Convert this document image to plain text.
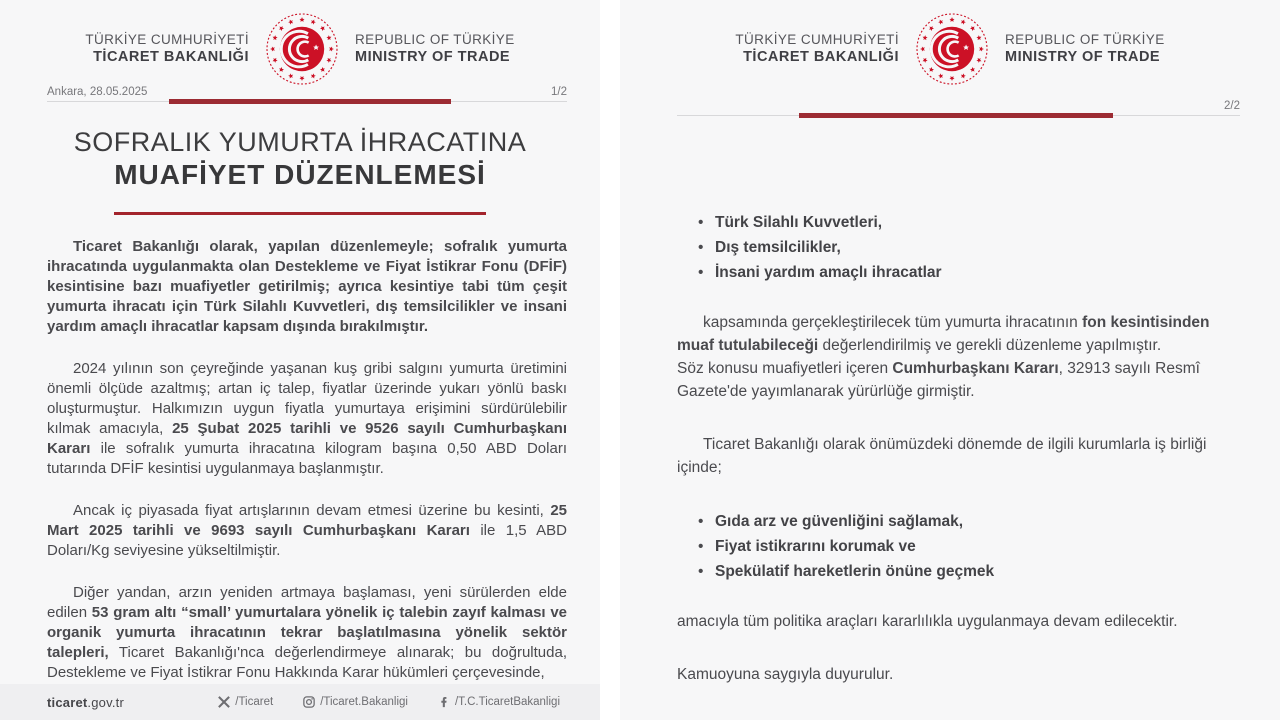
TÜRKİYE CUMHURİYETİ
TİCARET BAKANLIĞI
REPUBLIC OF TÜRKİYE
MINISTRY OF TRADE
Ankara, 28.05.2025	1/2
SOFRALIK YUMURTA İHRACATINA
MUAFİYET DÜZENLEMESİ

Ticaret Bakanlığı olarak, yapılan düzenlemeyle; sofralık yumurta ihracatında uygulanmakta olan Destekleme ve Fiyat İstikrar Fonu (DFİF) kesintisine bazı muafiyetler getirilmiş; ayrıca kesintiye tabi tüm çeşit yumurta ihracatı için Türk Silahlı Kuvvetleri, dış temsilcilikler ve insani yardım amaçlı ihracatlar kapsam dışında bırakılmıştır.

2024 yılının son çeyreğinde yaşanan kuş gribi salgını yumurta üretimini önemli ölçüde azaltmış; artan iç talep, fiyatlar üzerinde yukarı yönlü baskı oluşturmuştur. Halkımızın uygun fiyatla yumurtaya erişimini sürdürülebilir kılmak amacıyla, 25 Şubat 2025 tarihli ve 9526 sayılı Cumhurbaşkanı Kararı ile sofralık yumurta ihracatına kilogram başına 0,50 ABD Doları tutarında DFİF kesintisi uygulanmaya başlanmıştır.

Ancak iç piyasada fiyat artışlarının devam etmesi üzerine bu kesinti, 25 Mart 2025 tarihli ve 9693 sayılı Cumhurbaşkanı Kararı ile 1,5 ABD Doları/Kg seviyesine yükseltilmiştir.

Diğer yandan, arzın yeniden artmaya başlaması, yeni sürülerden elde edilen 53 gram altı “small’ yumurtalara yönelik iç talebin zayıf kalması ve organik yumurta ihracatının tekrar başlatılmasına yönelik sektör talepleri, Ticaret Bakanlığı'nca değerlendirmeye alınarak; bu doğrultuda, Destekleme ve Fiyat İstikrar Fonu Hakkında Karar hükümleri çerçevesinde,

ticaret.gov.tr	/Ticaret	/Ticaret.Bakanligi	/T.C.TicaretBakanligi
TÜRKİYE CUMHURİYETİ
TİCARET BAKANLIĞI
REPUBLIC OF TÜRKİYE
MINISTRY OF TRADE
2/2
• Türk Silahlı Kuvvetleri,
• Dış temsilcilikler,
• İnsani yardım amaçlı ihracatlar

kapsamında gerçekleştirilecek tüm yumurta ihracatının fon kesintisinden muaf tutulabileceği değerlendirilmiş ve gerekli düzenleme yapılmıştır.
Söz konusu muafiyetleri içeren Cumhurbaşkanı Kararı, 32913 sayılı Resmî Gazete'de yayımlanarak yürürlüğe girmiştir.

Ticaret Bakanlığı olarak önümüzdeki dönemde de ilgili kurumlarla iş birliği içinde;

• Gıda arz ve güvenliğini sağlamak,
• Fiyat istikrarını korumak ve
• Spekülatif hareketlerin önüne geçmek

amacıyla tüm politika araçları kararlılıkla uygulanmaya devam edilecektir.

Kamuoyuna saygıyla duyurulur.
